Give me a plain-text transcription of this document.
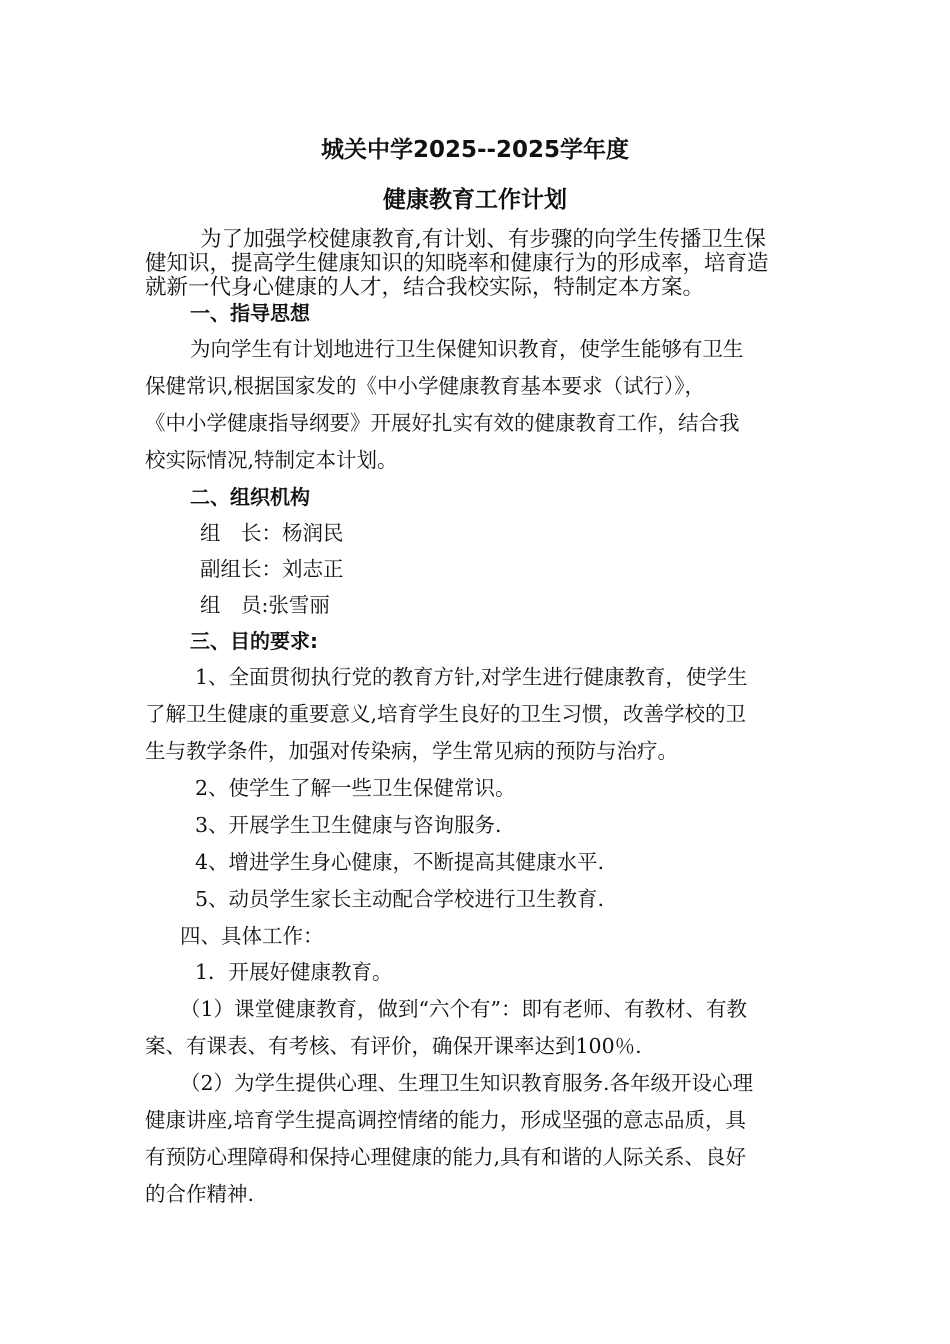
城关中学2025--2025学年度
健康教育工作计划
为了加强学校健康教育,有计划、有步骤的向学生传播卫生保
健知识，提高学生健康知识的知晓率和健康行为的形成率，培育造
就新一代身心健康的人才，结合我校实际，特制定本方案。
一、指导思想
为向学生有计划地进行卫生保健知识教育，使学生能够有卫生
保健常识,根据国家发的《中小学健康教育基本要求（试行）》，
《中小学健康指导纲要》开展好扎实有效的健康教育工作，结合我
校实际情况,特制定本计划。
二、组织机构
组　长：杨润民
副组长：刘志正
组　员:张雪丽
三、目的要求:
1、全面贯彻执行党的教育方针,对学生进行健康教育，使学生
了解卫生健康的重要意义,培育学生良好的卫生习惯，改善学校的卫
生与教学条件，加强对传染病，学生常见病的预防与治疗。
2、使学生了解一些卫生保健常识。
3、开展学生卫生健康与咨询服务.
4、增进学生身心健康，不断提高其健康水平.
5、动员学生家长主动配合学校进行卫生教育.
四、具体工作：
1．开展好健康教育。
（1）课堂健康教育，做到“六个有”：即有老师、有教材、有教
案、有课表、有考核、有评价，确保开课率达到100％.
（2）为学生提供心理、生理卫生知识教育服务.各年级开设心理
健康讲座,培育学生提高调控情绪的能力，形成坚强的意志品质，具
有预防心理障碍和保持心理健康的能力,具有和谐的人际关系、良好
的合作精神.
